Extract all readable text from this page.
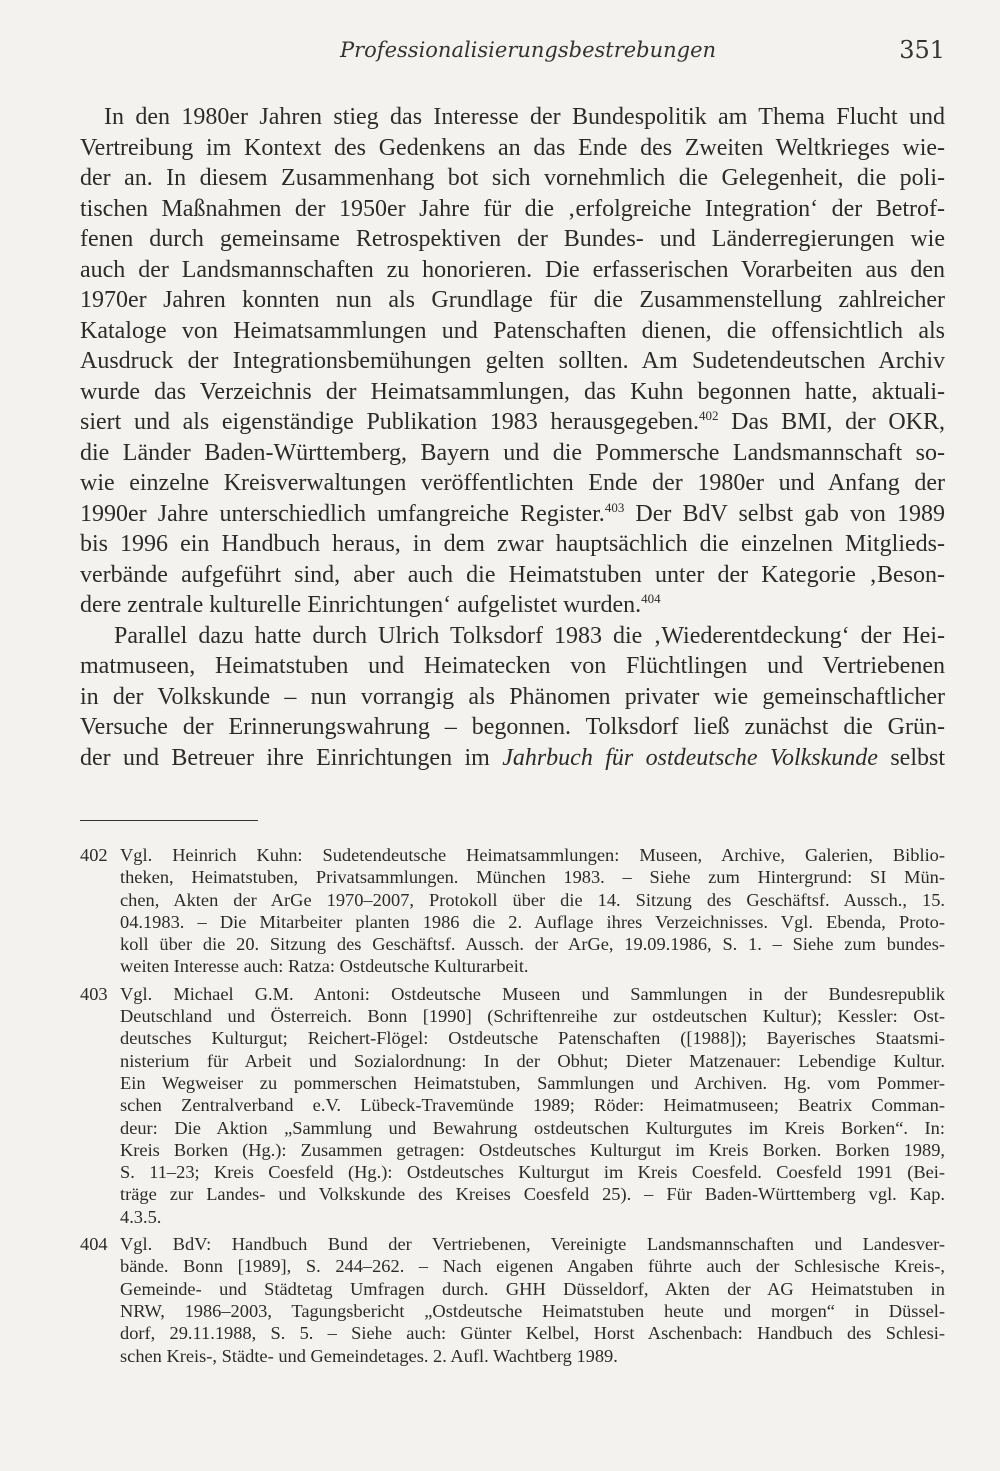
Professionalisierungsbestrebungen	351
In den 1980er Jahren stieg das Interesse der Bundespolitik am Thema Flucht und
Vertreibung im Kontext des Gedenkens an das Ende des Zweiten Weltkrieges wie-
der an. In diesem Zusammenhang bot sich vornehmlich die Gelegenheit, die poli-
tischen Maßnahmen der 1950er Jahre für die ‚erfolgreiche Integration‘ der Betrof-
fenen durch gemeinsame Retrospektiven der Bundes- und Länderregierungen wie
auch der Landsmannschaften zu honorieren. Die erfasserischen Vorarbeiten aus den
1970er Jahren konnten nun als Grundlage für die Zusammenstellung zahlreicher
Kataloge von Heimatsammlungen und Patenschaften dienen, die offensichtlich als
Ausdruck der Integrationsbemühungen gelten sollten. Am Sudetendeutschen Archiv
wurde das Verzeichnis der Heimatsammlungen, das Kuhn begonnen hatte, aktuali-
siert und als eigenständige Publikation 1983 herausgegeben.$^{402}$ Das BMI, der OKR,
die Länder Baden-Württemberg, Bayern und die Pommersche Landsmannschaft so-
wie einzelne Kreisverwaltungen veröffentlichten Ende der 1980er und Anfang der
1990er Jahre unterschiedlich umfangreiche Register.$^{403}$ Der BdV selbst gab von 1989
bis 1996 ein Handbuch heraus, in dem zwar hauptsächlich die einzelnen Mitglieds-
verbände aufgeführt sind, aber auch die Heimatstuben unter der Kategorie ‚Beson-
dere zentrale kulturelle Einrichtungen‘ aufgelistet wurden.$^{404}$
Parallel dazu hatte durch Ulrich Tolksdorf 1983 die ‚Wiederentdeckung‘ der Hei-
matmuseen, Heimatstuben und Heimatecken von Flüchtlingen und Vertriebenen
in der Volkskunde – nun vorrangig als Phänomen privater wie gemeinschaftlicher
Versuche der Erinnerungswahrung – begonnen. Tolksdorf ließ zunächst die Grün-
der und Betreuer ihre Einrichtungen im Jahrbuch für ostdeutsche Volkskunde selbst
402 Vgl. Heinrich Kuhn: Sudetendeutsche Heimatsammlungen: Museen, Archive, Galerien, Biblio-
theken, Heimatstuben, Privatsammlungen. München 1983. – Siehe zum Hintergrund: SI Mün-
chen, Akten der ArGe 1970–2007, Protokoll über die 14. Sitzung des Geschäftsf. Aussch., 15.
04.1983. – Die Mitarbeiter planten 1986 die 2. Auflage ihres Verzeichnisses. Vgl. Ebenda, Proto-
koll über die 20. Sitzung des Geschäftsf. Aussch. der ArGe, 19.09.1986, S. 1. – Siehe zum bundes-
weiten Interesse auch: Ratza: Ostdeutsche Kulturarbeit.
403 Vgl. Michael G.M. Antoni: Ostdeutsche Museen und Sammlungen in der Bundesrepublik
Deutschland und Österreich. Bonn [1990] (Schriftenreihe zur ostdeutschen Kultur); Kessler: Ost-
deutsches Kulturgut; Reichert-Flögel: Ostdeutsche Patenschaften ([1988]); Bayerisches Staatsmi-
nisterium für Arbeit und Sozialordnung: In der Obhut; Dieter Matzenauer: Lebendige Kultur.
Ein Wegweiser zu pommerschen Heimatstuben, Sammlungen und Archiven. Hg. vom Pommer-
schen Zentralverband e.V. Lübeck-Travemünde 1989; Röder: Heimatmuseen; Beatrix Comman-
deur: Die Aktion „Sammlung und Bewahrung ostdeutschen Kulturgutes im Kreis Borken“. In:
Kreis Borken (Hg.): Zusammen getragen: Ostdeutsches Kulturgut im Kreis Borken. Borken 1989,
S. 11–23; Kreis Coesfeld (Hg.): Ostdeutsches Kulturgut im Kreis Coesfeld. Coesfeld 1991 (Bei-
träge zur Landes- und Volkskunde des Kreises Coesfeld 25). – Für Baden-Württemberg vgl. Kap.
4.3.5.
404 Vgl. BdV: Handbuch Bund der Vertriebenen, Vereinigte Landsmannschaften und Landesver-
bände. Bonn [1989], S. 244–262. – Nach eigenen Angaben führte auch der Schlesische Kreis-,
Gemeinde- und Städtetag Umfragen durch. GHH Düsseldorf, Akten der AG Heimatstuben in
NRW, 1986–2003, Tagungsbericht „Ostdeutsche Heimatstuben heute und morgen“ in Düssel-
dorf, 29.11.1988, S. 5. – Siehe auch: Günter Kelbel, Horst Aschenbach: Handbuch des Schlesi-
schen Kreis-, Städte- und Gemeindetages. 2. Aufl. Wachtberg 1989.
